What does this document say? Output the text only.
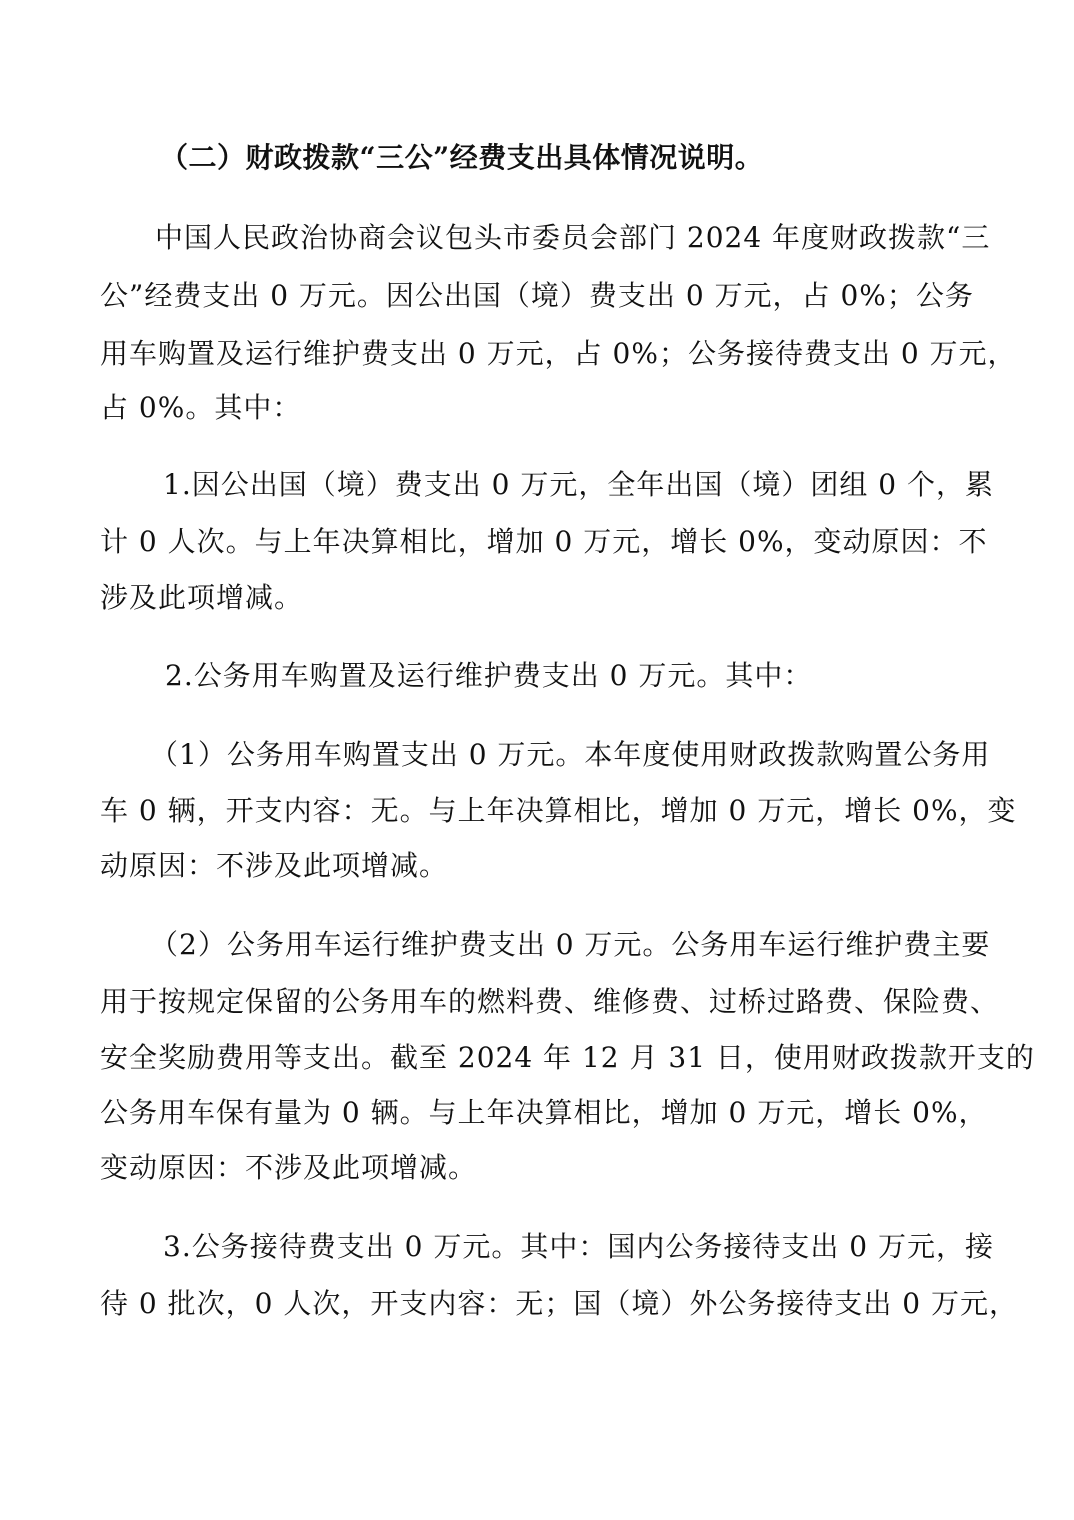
（二）财政拨款“三公”经费支出具体情况说明。
中国人民政治协商会议包头市委员会部门 2024 年度财政拨款“三
公”经费支出 0 万元。因公出国（境）费支出 0 万元，占 0%；公务
用车购置及运行维护费支出 0 万元，占 0%；公务接待费支出 0 万元，
占 0%。其中：
1.因公出国（境）费支出 0 万元，全年出国（境）团组 0 个，累
计 0 人次。与上年决算相比，增加 0 万元，增长 0%，变动原因：不
涉及此项增减。
2.公务用车购置及运行维护费支出 0 万元。其中：
（1）公务用车购置支出 0 万元。本年度使用财政拨款购置公务用
车 0 辆，开支内容：无。与上年决算相比，增加 0 万元，增长 0%，变
动原因：不涉及此项增减。
（2）公务用车运行维护费支出 0 万元。公务用车运行维护费主要
用于按规定保留的公务用车的燃料费、维修费、过桥过路费、保险费、
安全奖励费用等支出。截至 2024 年 12 月 31 日，使用财政拨款开支的
公务用车保有量为 0 辆。与上年决算相比，增加 0 万元，增长 0%，
变动原因：不涉及此项增减。
3.公务接待费支出 0 万元。其中：国内公务接待支出 0 万元，接
待 0 批次，0 人次，开支内容：无；国（境）外公务接待支出 0 万元，
